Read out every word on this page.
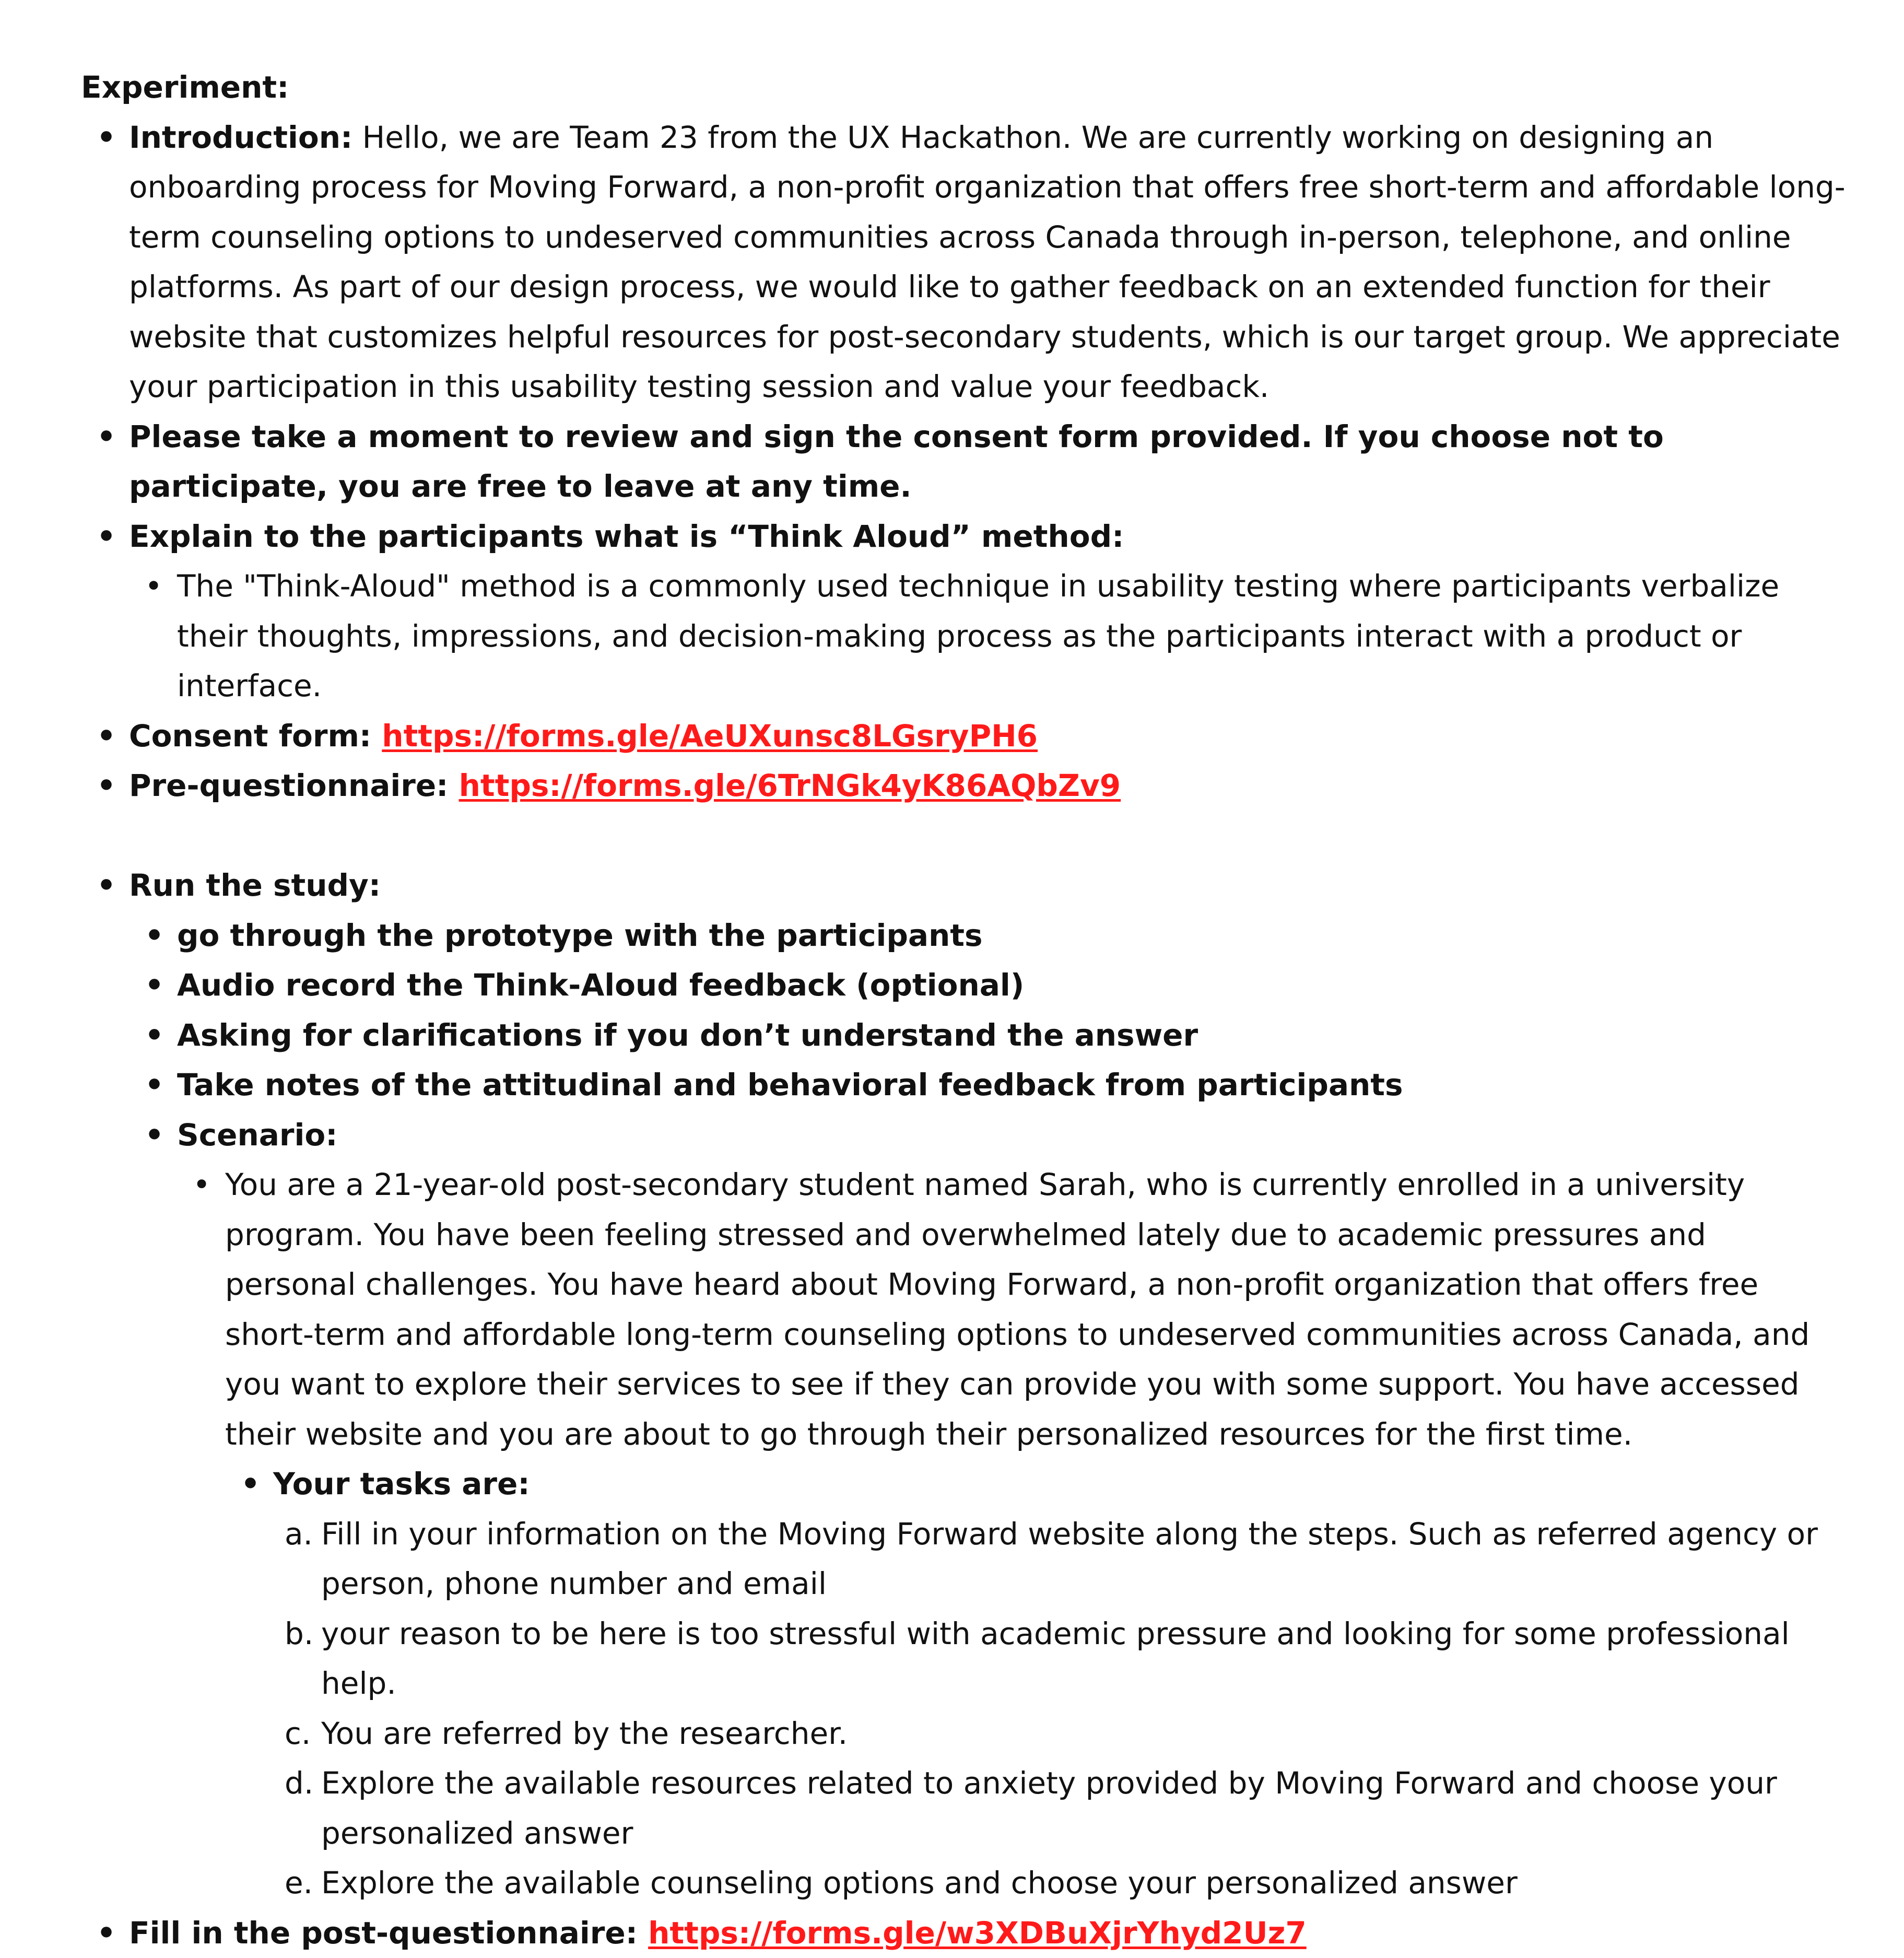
Experiment:

• Introduction: Hello, we are Team 23 from the UX Hackathon. We are currently working on designing an onboarding process for Moving Forward, a non-profit organization that offers free short-term and affordable long-term counseling options to undeserved communities across Canada through in-person, telephone, and online platforms. As part of our design process, we would like to gather feedback on an extended function for their website that customizes helpful resources for post-secondary students, which is our target group. We appreciate your participation in this usability testing session and value your feedback.
• Please take a moment to review and sign the consent form provided. If you choose not to participate, you are free to leave at any time.
• Explain to the participants what is “Think Aloud” method:
• The "Think-Aloud" method is a commonly used technique in usability testing where participants verbalize their thoughts, impressions, and decision-making process as the participants interact with a product or interface.
• Consent form: https://forms.gle/AeUXunsc8LGsryPH6
• Pre-questionnaire: https://forms.gle/6TrNGk4yK86AQbZv9
• Run the study:
• go through the prototype with the participants
• Audio record the Think-Aloud feedback (optional)
• Asking for clarifications if you don’t understand the answer
• Take notes of the attitudinal and behavioral feedback from participants
• Scenario:
• You are a 21-year-old post-secondary student named Sarah, who is currently enrolled in a university program. You have been feeling stressed and overwhelmed lately due to academic pressures and personal challenges. You have heard about Moving Forward, a non-profit organization that offers free short-term and affordable long-term counseling options to undeserved communities across Canada, and you want to explore their services to see if they can provide you with some support. You have accessed their website and you are about to go through their personalized resources for the first time.
• Your tasks are:
a. Fill in your information on the Moving Forward website along the steps. Such as referred agency or person, phone number and email
b. your reason to be here is too stressful with academic pressure and looking for some professional help.
c. You are referred by the researcher.
d. Explore the available resources related to anxiety provided by Moving Forward and choose your personalized answer
e. Explore the available counseling options and choose your personalized answer
• Fill in the post-questionnaire: https://forms.gle/w3XDBuXjrYhyd2Uz7
